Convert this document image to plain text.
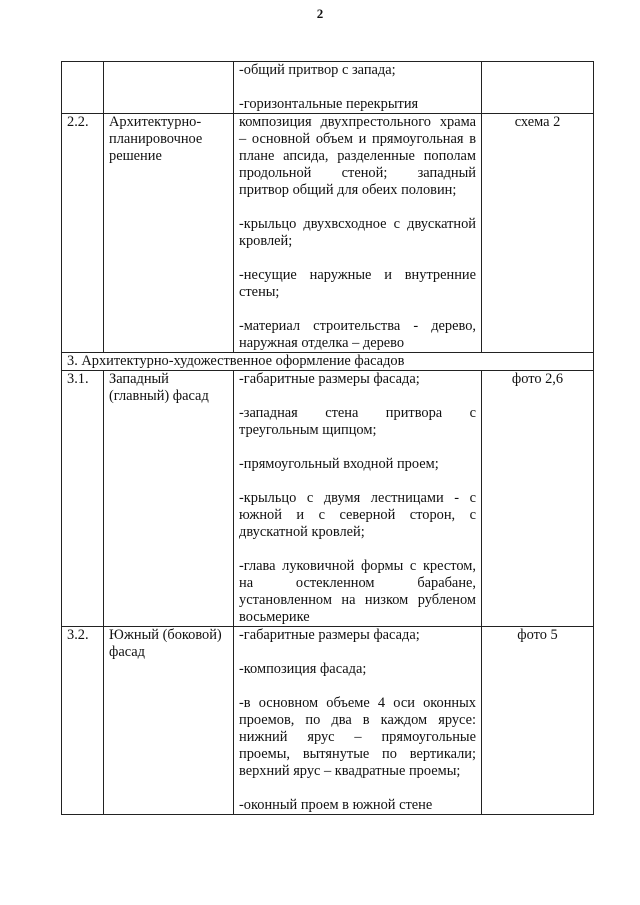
2

		-общий притвор с запада;

-горизонтальные перекрытия	

2.2.	Архитектурно-планировочное решение	композиция двухпрестольного храма – основной объем и прямоугольная в плане апсида, разделенные пополам продольной стеной; западный притвор общий для обеих половин;

-крыльцо двухвсходное с двускатной кровлей;

-несущие наружные и внутренние стены;

-материал строительства - дерево, наружная отделка – дерево	схема 2
3. Архитектурно-художественное оформление фасадов			
3.1.	Западный (главный) фасад	-габаритные размеры фасада;

-западная стена притвора с треугольным щипцом;

-прямоугольный входной проем;

-крыльцо с двумя лестницами - с южной и с северной сторон, с двускатной кровлей;

-глава луковичной формы с крестом, на остекленном барабане, установленном на низком рубленом восьмерике	фото 2,6
3.2.	Южный (боковой) фасад	-габаритные размеры фасада;

-композиция фасада;

-в основном объеме 4 оси оконных проемов, по два в каждом ярусе: нижний ярус – прямоугольные проемы, вытянутые по вертикали; верхний ярус – квадратные проемы;

-оконный проем в южной стене	фото 5
